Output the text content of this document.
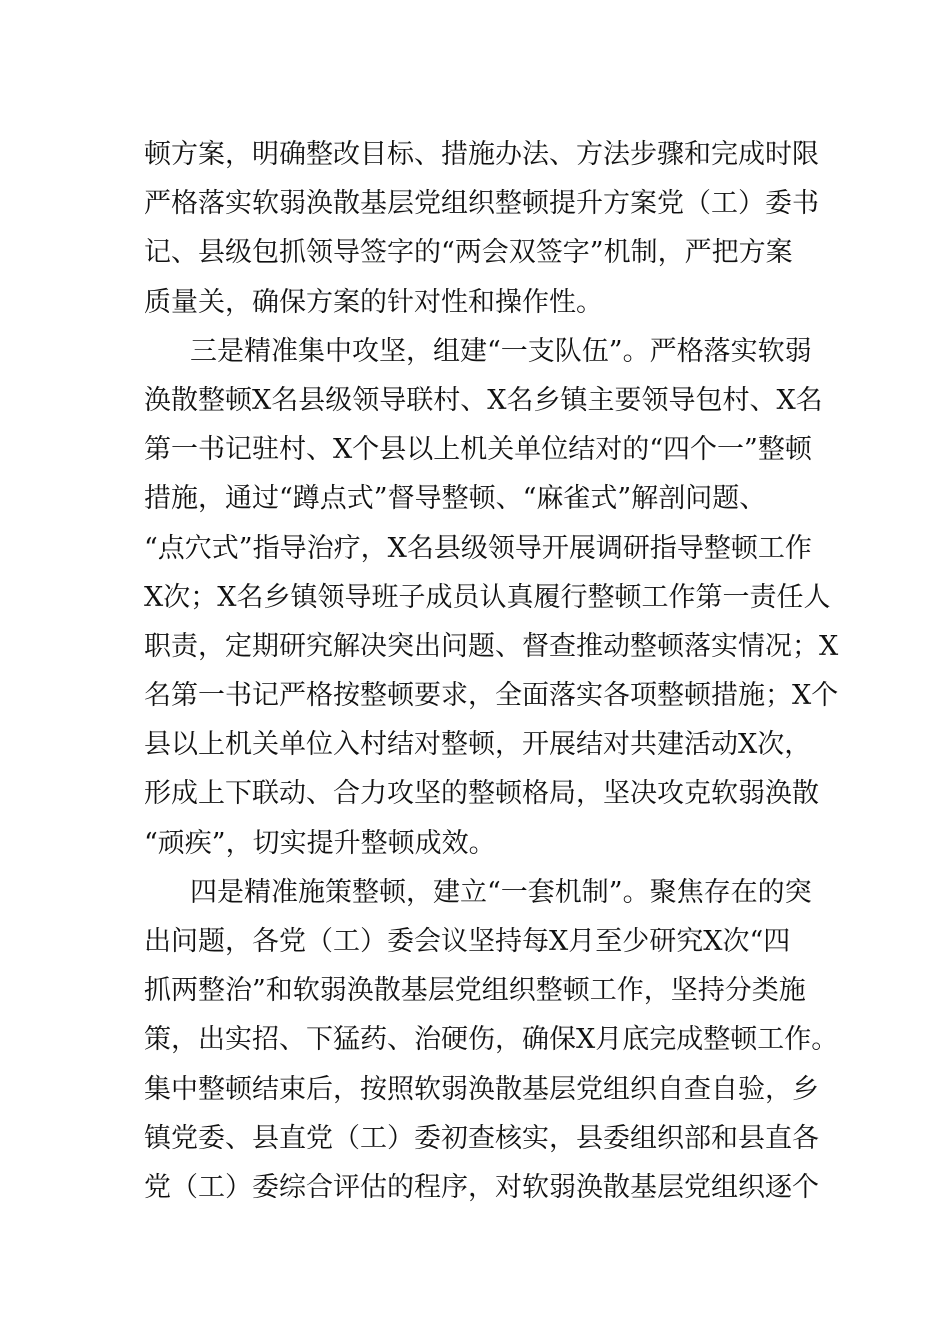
顿方案，明确整改目标、措施办法、方法步骤和完成时限
严格落实软弱涣散基层党组织整顿提升方案党（工）委书
记、县级包抓领导签字的“两会双签字”机制，严把方案
质量关，确保方案的针对性和操作性。
三是精准集中攻坚，组建“一支队伍”。严格落实软弱
涣散整顿X名县级领导联村、X名乡镇主要领导包村、X名
第一书记驻村、X个县以上机关单位结对的“四个一”整顿
措施，通过“蹲点式”督导整顿、“麻雀式”解剖问题、
“点穴式”指导治疗，X名县级领导开展调研指导整顿工作
X次；X名乡镇领导班子成员认真履行整顿工作第一责任人
职责，定期研究解决突出问题、督查推动整顿落实情况；X
名第一书记严格按整顿要求，全面落实各项整顿措施；X个
县以上机关单位入村结对整顿，开展结对共建活动X次，
形成上下联动、合力攻坚的整顿格局，坚决攻克软弱涣散
“顽疾”，切实提升整顿成效。
四是精准施策整顿，建立“一套机制”。聚焦存在的突
出问题，各党（工）委会议坚持每X月至少研究X次“四
抓两整治”和软弱涣散基层党组织整顿工作，坚持分类施
策，出实招、下猛药、治硬伤，确保X月底完成整顿工作。
集中整顿结束后，按照软弱涣散基层党组织自查自验，乡
镇党委、县直党（工）委初查核实，县委组织部和县直各
党（工）委综合评估的程序，对软弱涣散基层党组织逐个
